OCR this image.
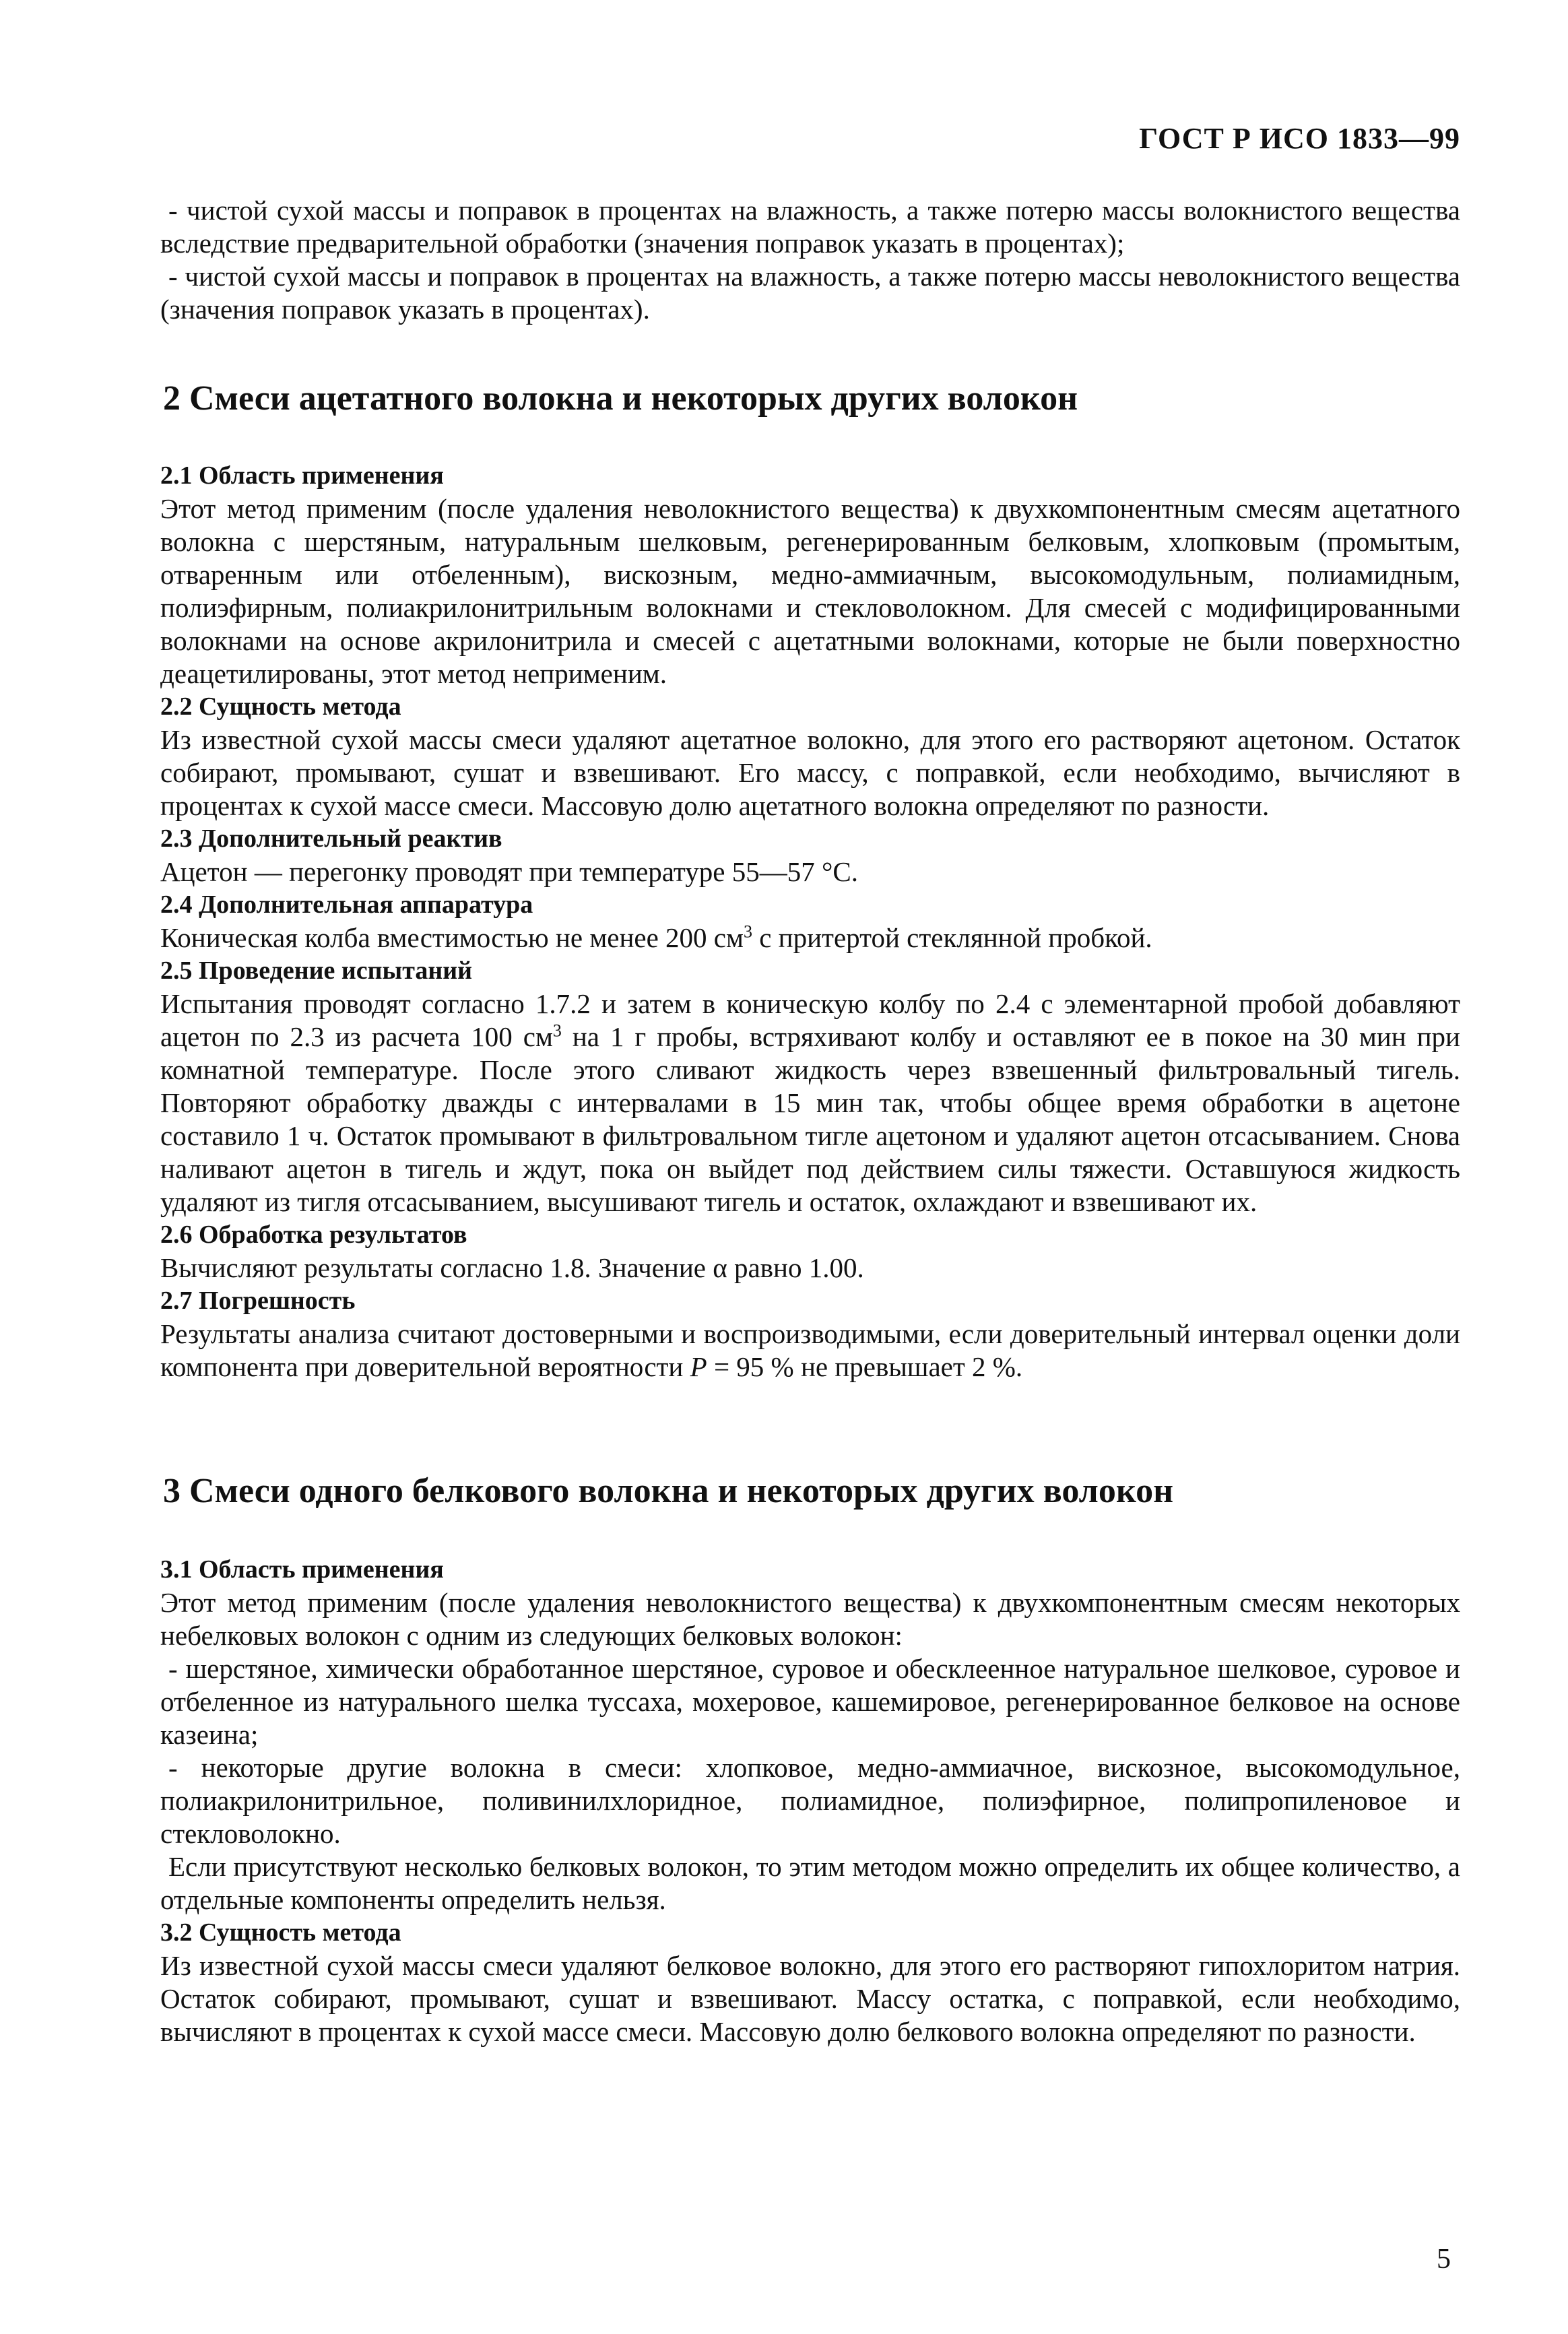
ГОСТ Р ИСО 1833—99

- чистой сухой массы и поправок в процентах на влажность, а также потерю массы волокнистого вещества вследствие предварительной обработки (значения поправок указать в процентах);

- чистой сухой массы и поправок в процентах на влажность, а также потерю массы неволокнистого вещества (значения поправок указать в процентах).

2 Смеси ацетатного волокна и некоторых других волокон
2.1 Область применения

Этот метод применим (после удаления неволокнистого вещества) к двухкомпонентным смесям ацетатного волокна с шерстяным, натуральным шелковым, регенерированным белковым, хлопковым (промытым, отваренным или отбеленным), вискозным, медно-аммиачным, высокомодульным, полиамидным, полиэфирным, полиакрилонитрильным волокнами и стекловолокном. Для смесей с модифицированными волокнами на основе акрилонитрила и смесей с ацетатными волокнами, которые не были поверхностно деацетилированы, этот метод неприменим.

2.2 Сущность метода

Из известной сухой массы смеси удаляют ацетатное волокно, для этого его растворяют ацетоном. Остаток собирают, промывают, сушат и взвешивают. Его массу, с поправкой, если необходимо, вычисляют в процентах к сухой массе смеси. Массовую долю ацетатного волокна определяют по разности.

2.3 Дополнительный реактив

Ацетон — перегонку проводят при температуре 55—57 °С.

2.4 Дополнительная аппаратура

Коническая колба вместимостью не менее 200 $см^3$ с притертой стеклянной пробкой.

2.5 Проведение испытаний

Испытания проводят согласно 1.7.2 и затем в коническую колбу по 2.4 с элементарной пробой добавляют ацетон по 2.3 из расчета 100 $см^3$ на 1 г пробы, встряхивают колбу и оставляют ее в покое на 30 мин при комнатной температуре. После этого сливают жидкость через взвешенный фильтровальный тигель. Повторяют обработку дважды с интервалами в 15 мин так, чтобы общее время обработки в ацетоне составило 1 ч. Остаток промывают в фильтровальном тигле ацетоном и удаляют ацетон отсасыванием. Снова наливают ацетон в тигель и ждут, пока он выйдет под действием силы тяжести. Оставшуюся жидкость удаляют из тигля отсасыванием, высушивают тигель и остаток, охлаждают и взвешивают их.

2.6 Обработка результатов

Вычисляют результаты согласно 1.8. Значение α равно 1.00.

2.7 Погрешность

Результаты анализа считают достоверными и воспроизводимыми, если доверительный интервал оценки доли компонента при доверительной вероятности P = 95 % не превышает 2 %.

3 Смеси одного белкового волокна и некоторых других волокон
3.1 Область применения

Этот метод применим (после удаления неволокнистого вещества) к двухкомпонентным смесям некоторых небелковых волокон с одним из следующих белковых волокон:

- шерстяное, химически обработанное шерстяное, суровое и обесклеенное натуральное шелковое, суровое и отбеленное из натурального шелка туссаха, мохеровое, кашемировое, регенерированное белковое на основе казеина;

- некоторые другие волокна в смеси: хлопковое, медно-аммиачное, вискозное, высокомодульное, полиакрилонитрильное, поливинилхлоридное, полиамидное, полиэфирное, полипропиленовое и стекловолокно.

Если присутствуют несколько белковых волокон, то этим методом можно определить их общее количество, а отдельные компоненты определить нельзя.

3.2 Сущность метода

Из известной сухой массы смеси удаляют белковое волокно, для этого его растворяют гипохлоритом натрия. Остаток собирают, промывают, сушат и взвешивают. Массу остатка, с поправкой, если необходимо, вычисляют в процентах к сухой массе смеси. Массовую долю белкового волокна определяют по разности.

5
